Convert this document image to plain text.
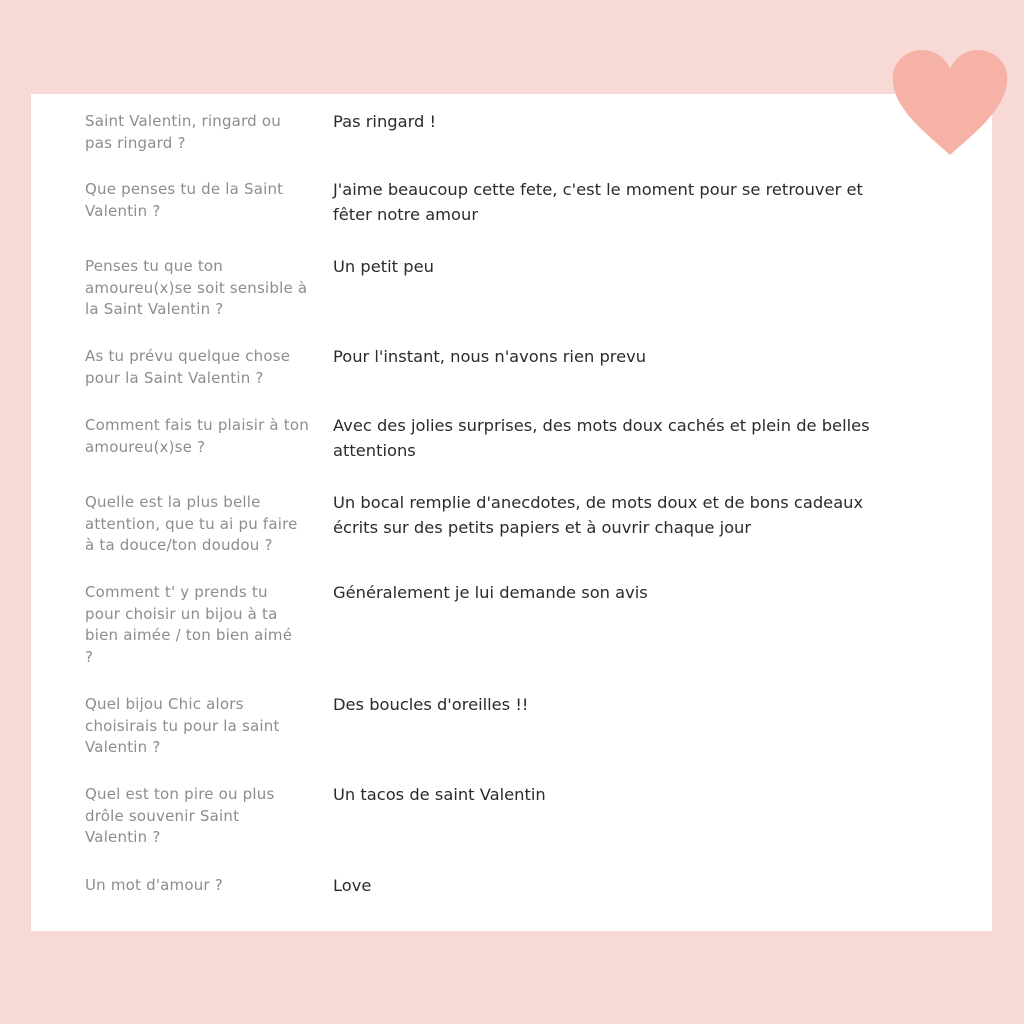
Saint Valentin, ringard ou
pas ringard ?
Pas ringard !
Que penses tu de la Saint
Valentin ?
J'aime beaucoup cette fete, c'est le moment pour se retrouver et
fêter notre amour
Penses tu que ton
amoureu(x)se soit sensible à
la Saint Valentin ?
Un petit peu
As tu prévu quelque chose
pour la Saint Valentin ?
Pour l'instant, nous n'avons rien prevu
Comment fais tu plaisir à ton
amoureu(x)se ?
Avec des jolies surprises, des mots doux cachés et plein de belles
attentions
Quelle est la plus belle
attention, que tu ai pu faire
à ta douce/ton doudou ?
Un bocal remplie d'anecdotes, de mots doux et de bons cadeaux
écrits sur des petits papiers et à ouvrir chaque jour
Comment t' y prends tu
pour choisir un bijou à ta
bien aimée / ton bien aimé
?
Généralement je lui demande son avis
Quel bijou Chic alors
choisirais tu pour la saint
Valentin ?
Des boucles d'oreilles !!
Quel est ton pire ou plus
drôle souvenir Saint
Valentin ?
Un tacos de saint Valentin
Un mot d'amour ?	Love
